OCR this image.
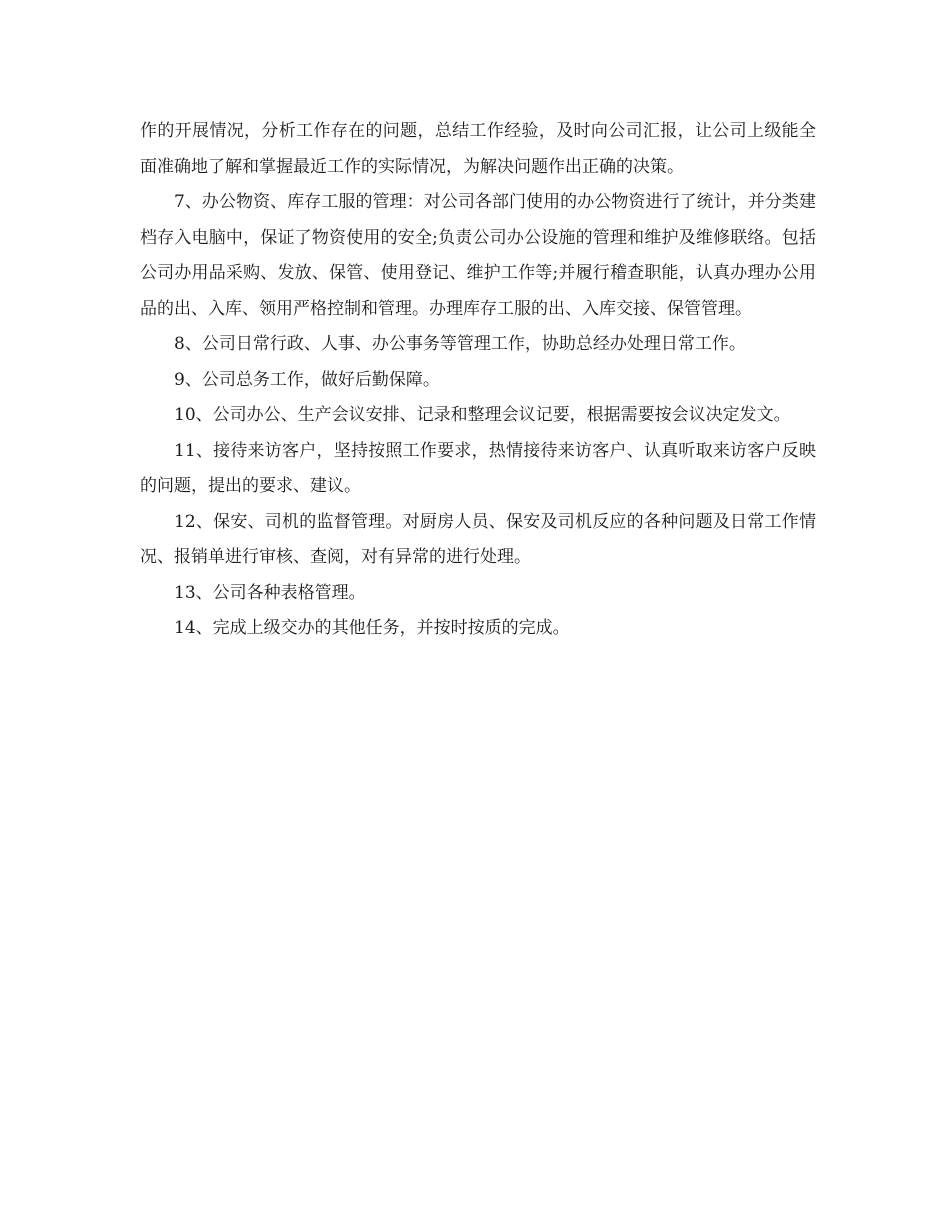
作的开展情况，分析工作存在的问题，总结工作经验，及时向公司汇报，让公司上级能全面准确地了解和掌握最近工作的实际情况，为解决问题作出正确的决策。

7、办公物资、库存工服的管理：对公司各部门使用的办公物资进行了统计，并分类建档存入电脑中，保证了物资使用的安全;负责公司办公设施的管理和维护及维修联络。包括公司办用品采购、发放、保管、使用登记、维护工作等;并履行稽查职能，认真办理办公用品的出、入库、领用严格控制和管理。办理库存工服的出、入库交接、保管管理。

8、公司日常行政、人事、办公事务等管理工作，协助总经办处理日常工作。

9、公司总务工作，做好后勤保障。

10、公司办公、生产会议安排、记录和整理会议记要，根据需要按会议决定发文。

11、接待来访客户，坚持按照工作要求，热情接待来访客户、认真听取来访客户反映的问题，提出的要求、建议。

12、保安、司机的监督管理。对厨房人员、保安及司机反应的各种问题及日常工作情况、报销单进行审核、查阅，对有异常的进行处理。

13、公司各种表格管理。

14、完成上级交办的其他任务，并按时按质的完成。
